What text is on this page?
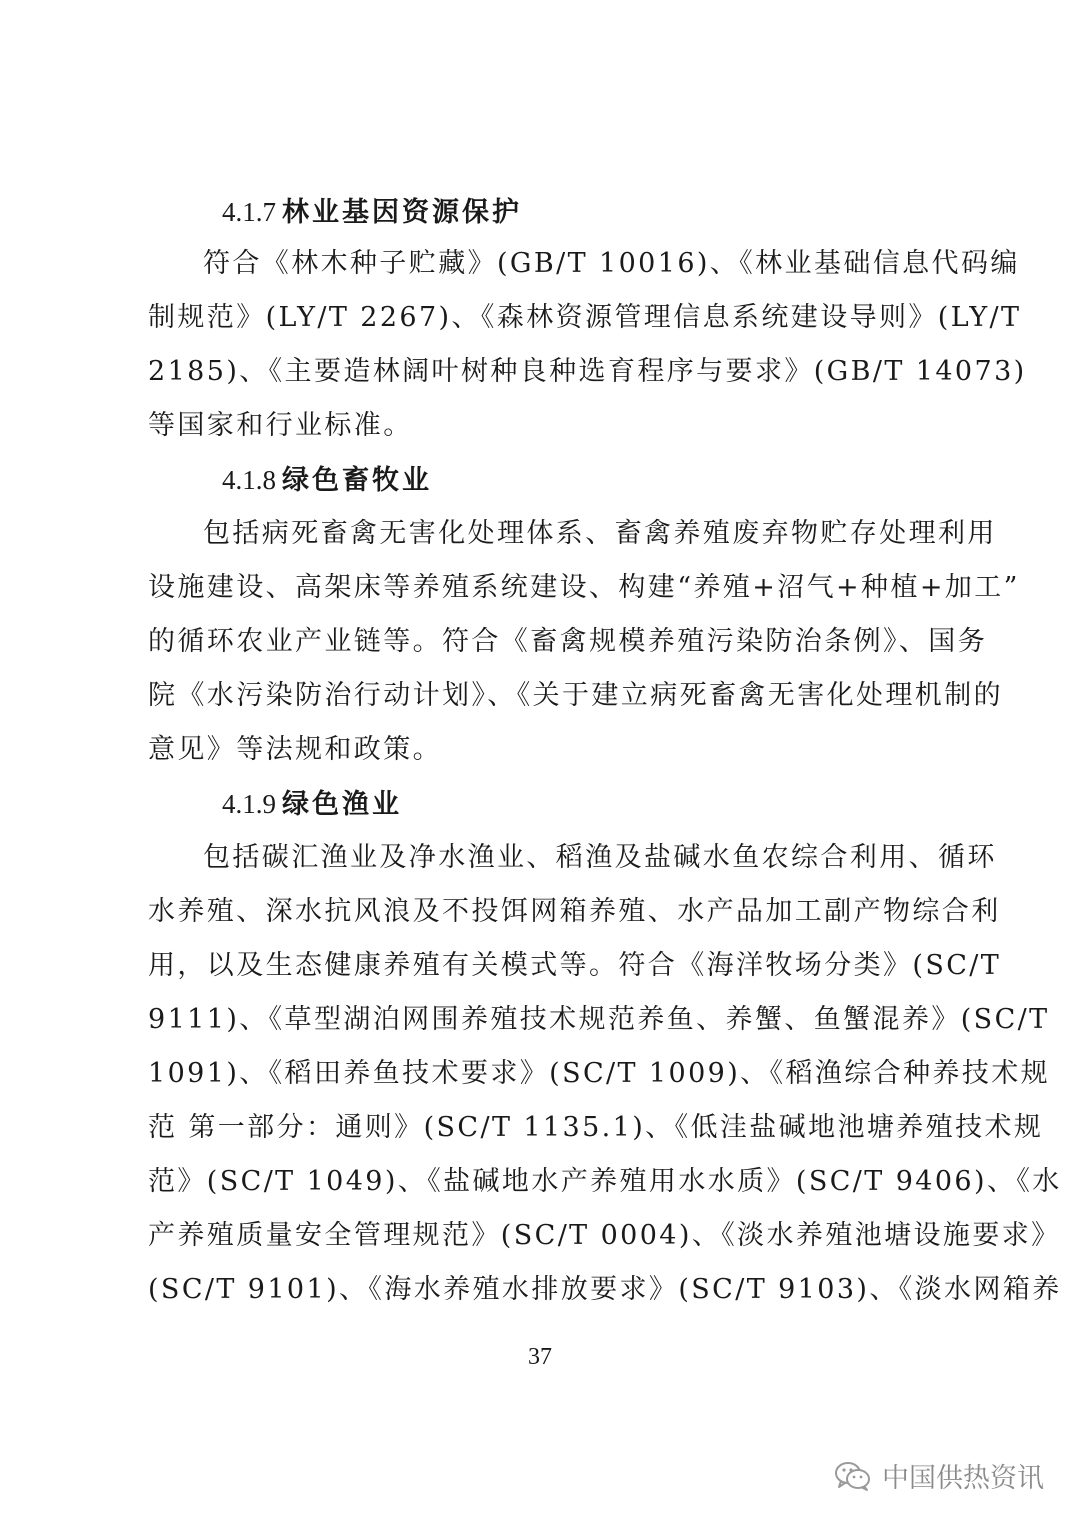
4.1.7 林业基因资源保护
符合《林木种子贮藏》(GB/T 10016)、《林业基础信息代码编
制规范》(LY/T 2267)、《森林资源管理信息系统建设导则》(LY/T
2185)、《主要造林阔叶树种良种选育程序与要求》(GB/T 14073)
等国家和行业标准。
4.1.8 绿色畜牧业
包括病死畜禽无害化处理体系、畜禽养殖废弃物贮存处理利用
设施建设、高架床等养殖系统建设、构建“养殖+沼气+种植+加工”
的循环农业产业链等。符合《畜禽规模养殖污染防治条例》、国务
院《水污染防治行动计划》、《关于建立病死畜禽无害化处理机制的
意见》等法规和政策。
4.1.9 绿色渔业
包括碳汇渔业及净水渔业、稻渔及盐碱水鱼农综合利用、循环
水养殖、深水抗风浪及不投饵网箱养殖、水产品加工副产物综合利
用，以及生态健康养殖有关模式等。符合《海洋牧场分类》(SC/T
9111)、《草型湖泊网围养殖技术规范养鱼、养蟹、鱼蟹混养》(SC/T
1091)、《稻田养鱼技术要求》(SC/T 1009)、《稻渔综合种养技术规
范 第一部分：通则》(SC/T 1135.1)、《低洼盐碱地池塘养殖技术规
范》(SC/T 1049)、《盐碱地水产养殖用水水质》(SC/T 9406)、《水
产养殖质量安全管理规范》(SC/T 0004)、《淡水养殖池塘设施要求》
(SC/T 9101)、《海水养殖水排放要求》(SC/T 9103)、《淡水网箱养
37
中国供热资讯
